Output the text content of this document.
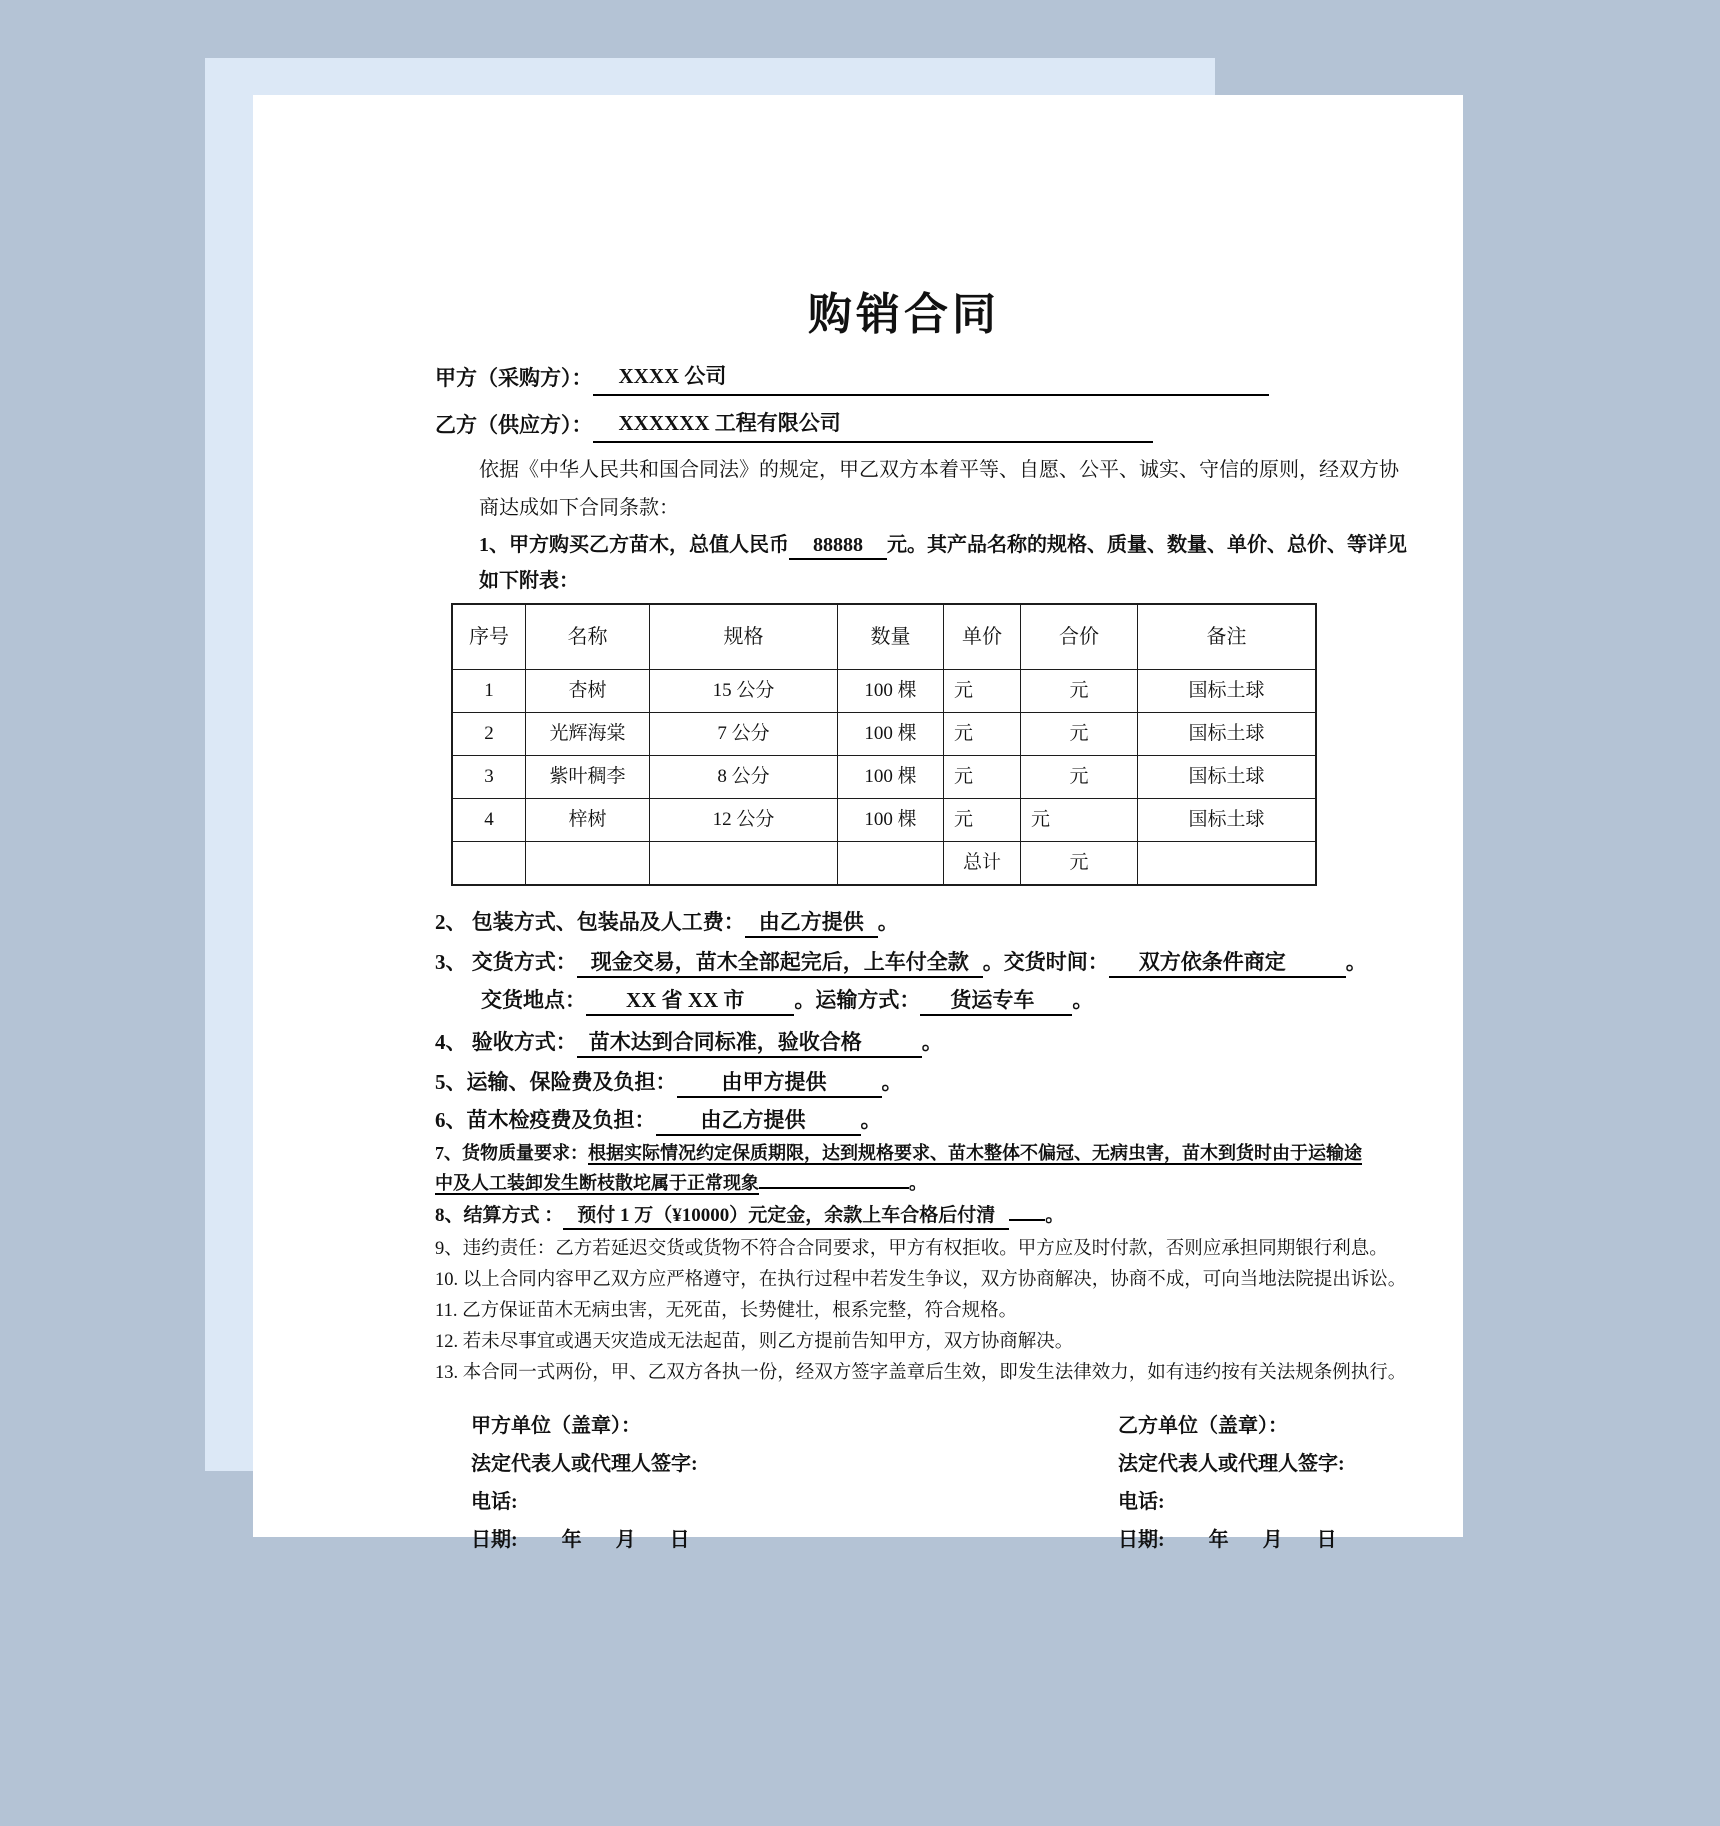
购销合同
甲方（采购方）： XXXX 公司
乙方（供应方）： XXXXXX 工程有限公司

依据《中华人民共和国合同法》的规定，甲乙双方本着平等、自愿、公平、诚实、守信的原则，经双方协商达成如下合同条款：

1、甲方购买乙方苗木，总值人民币 88888 元。其产品名称的规格、质量、数量、单价、总价、等详见如下附表：

序号	名称	规格	数量	单价	合价	备注
1	杏树	15 公分	100 棵	元	元	国标土球
2	光辉海棠	7 公分	100 棵	元	元	国标土球
3	紫叶稠李	8 公分	100 棵	元	元	国标土球
4	梓树	12 公分	100 棵	元	元	国标土球
				总计	元	
2、 包装方式、包装品及人工费： 由乙方提供 。
3、 交货方式： 现金交易，苗木全部起完后，上车付全款 。交货时间： 双方依条件商定	。
交货地点： XX 省 XX 市 。运输方式： 货运专车 。
4、 验收方式： 苗木达到合同标准，验收合格	。
5、运输、保险费及负担： 由甲方提供	。
6、苗木检疫费及负担： 由乙方提供	。
7、货物质量要求：根据实际情况约定保质期限，达到规格要求、苗木整体不偏冠、无病虫害，苗木到货时由于运输途中及人工装卸发生断枝散坨属于正常现象	。
8、结算方式 ： 预付 1 万（¥10000）元定金，余款上车合格后付清	。
9、违约责任：乙方若延迟交货或货物不符合合同要求，甲方有权拒收。甲方应及时付款，否则应承担同期银行利息。
10. 以上合同内容甲乙双方应严格遵守，在执行过程中若发生争议，双方协商解决，协商不成，可向当地法院提出诉讼。
11. 乙方保证苗木无病虫害，无死苗，长势健壮，根系完整，符合规格。
12. 若未尽事宜或遇天灾造成无法起苗，则乙方提前告知甲方，双方协商解决。
13. 本合同一式两份，甲、乙双方各执一份，经双方签字盖章后生效，即发生法律效力，如有违约按有关法规条例执行。
甲方单位（盖章）：
法定代表人或代理人签字:
电话:
日期: 年 月 日
乙方单位（盖章）：
法定代表人或代理人签字:
电话:
日期: 年 月 日
